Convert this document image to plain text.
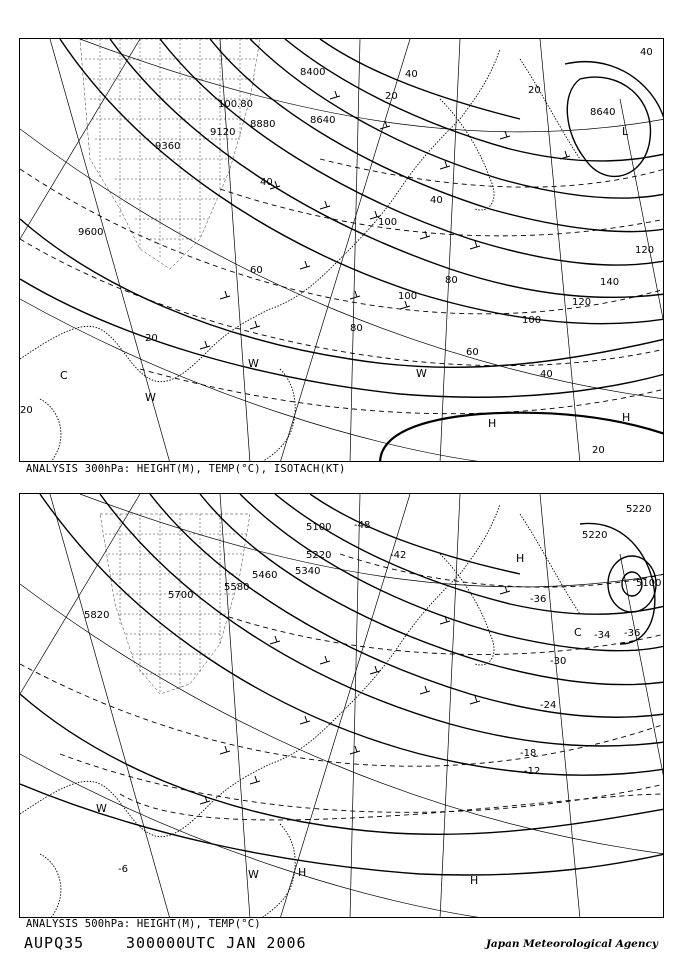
8400
8640
8880
9120
9360
9600
100.80
8640
40
20
40
40
60
80
100
120
140
100
80
60
40
40
20
20
20
20
C
W
W
W
H	H
L
120
100
ANALYSIS 300hPa: HEIGHT(M), TEMP(°C), ISOTACH(KT)
5100
5220
5340
5460
5580
5700
5820
5220
5220
5100
-48
-42
-36
-34 -36
-30
-24
-18
-12
-6
C
H
H
H
W
W
ANALYSIS 500hPa: HEIGHT(M), TEMP(°C)
AUPQ35	300000UTC JAN 2006	Japan Meteorological Agency
